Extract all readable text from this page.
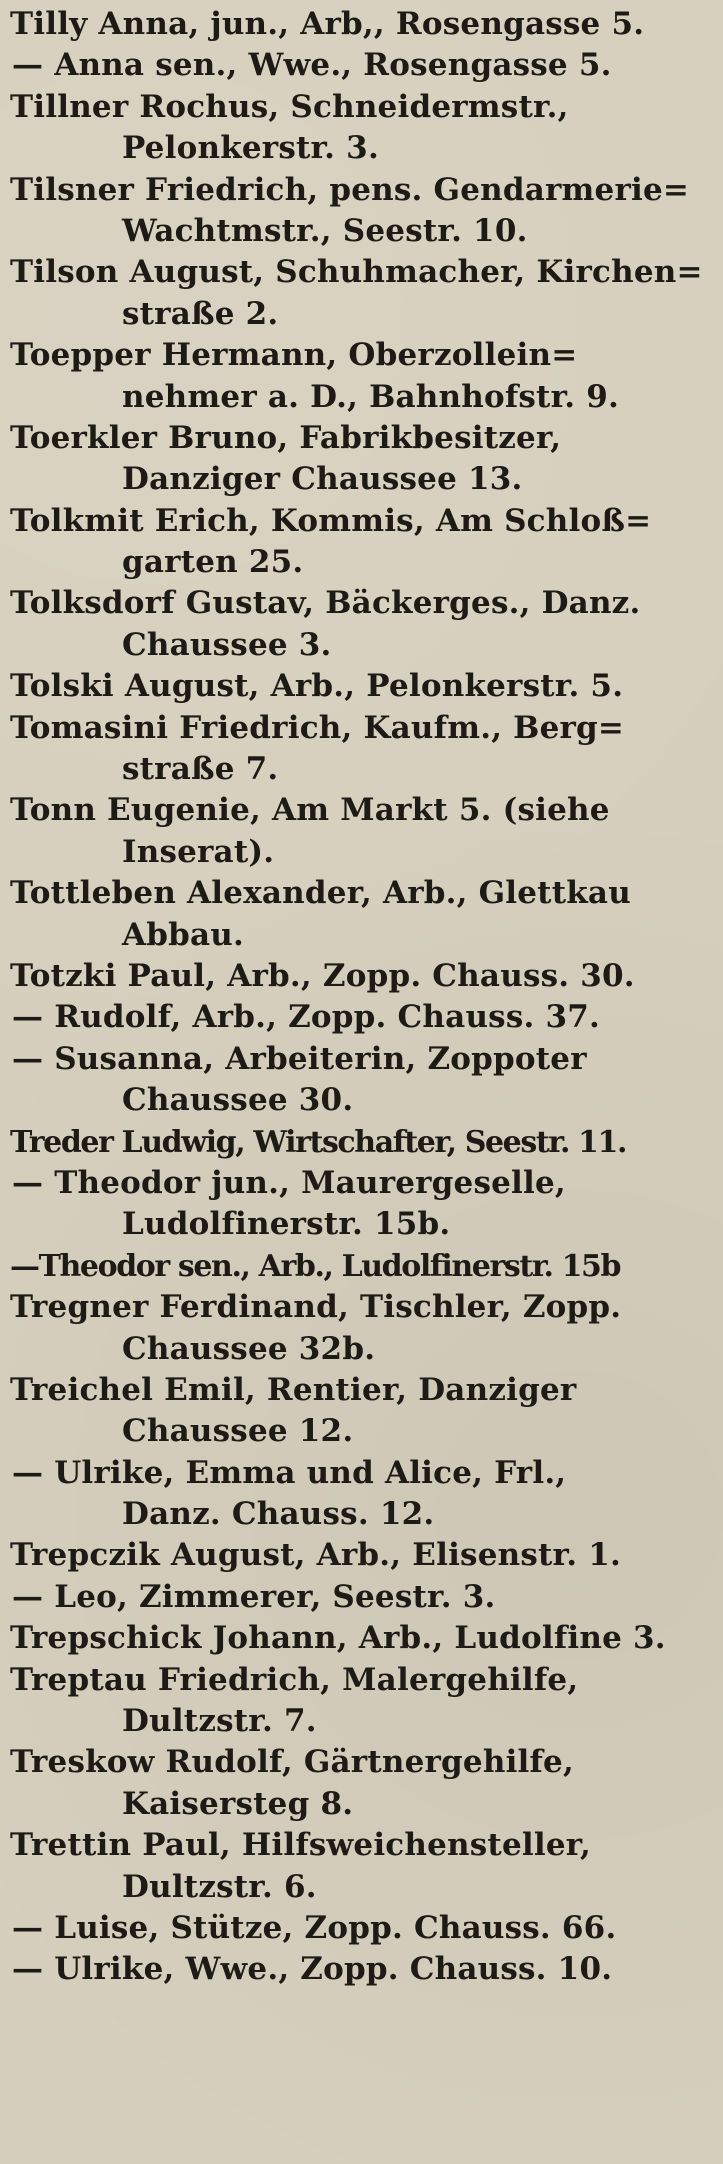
Tilly Anna, jun., Arb,, Rosengasse 5.
— Anna sen., Wwe., Rosengasse 5.
Tillner Rochus, Schneidermstr.,
Pelonkerstr. 3.
Tilsner Friedrich, pens. Gendarmerie=
Wachtmstr., Seestr. 10.
Tilson August, Schuhmacher, Kirchen=
straße 2.
Toepper Hermann, Oberzollein=
nehmer a. D., Bahnhofstr. 9.
Toerkler Bruno, Fabrikbesitzer,
Danziger Chaussee 13.
Tolkmit Erich, Kommis, Am Schloß=
garten 25.
Tolksdorf Gustav, Bäckerges., Danz.
Chaussee 3.
Tolski August, Arb., Pelonkerstr. 5.
Tomasini Friedrich, Kaufm., Berg=
straße 7.
Tonn Eugenie, Am Markt 5. (siehe
Inserat).
Tottleben Alexander, Arb., Glettkau
Abbau.
Totzki Paul, Arb., Zopp. Chauss. 30.
— Rudolf, Arb., Zopp. Chauss. 37.
— Susanna, Arbeiterin, Zoppoter
Chaussee 30.
Treder Ludwig, Wirtschafter, Seestr. 11.
— Theodor jun., Maurergeselle,
Ludolfinerstr. 15b.
—Theodor sen., Arb., Ludolfinerstr. 15b
Tregner Ferdinand, Tischler, Zopp.
Chaussee 32b.
Treichel Emil, Rentier, Danziger
Chaussee 12.
— Ulrike, Emma und Alice, Frl.,
Danz. Chauss. 12.
Trepczik August, Arb., Elisenstr. 1.
— Leo, Zimmerer, Seestr. 3.
Trepschick Johann, Arb., Ludolfine 3.
Treptau Friedrich, Malergehilfe,
Dultzstr. 7.
Treskow Rudolf, Gärtnergehilfe,
Kaisersteg 8.
Trettin Paul, Hilfsweichensteller,
Dultzstr. 6.
— Luise, Stütze, Zopp. Chauss. 66.
— Ulrike, Wwe., Zopp. Chauss. 10.
